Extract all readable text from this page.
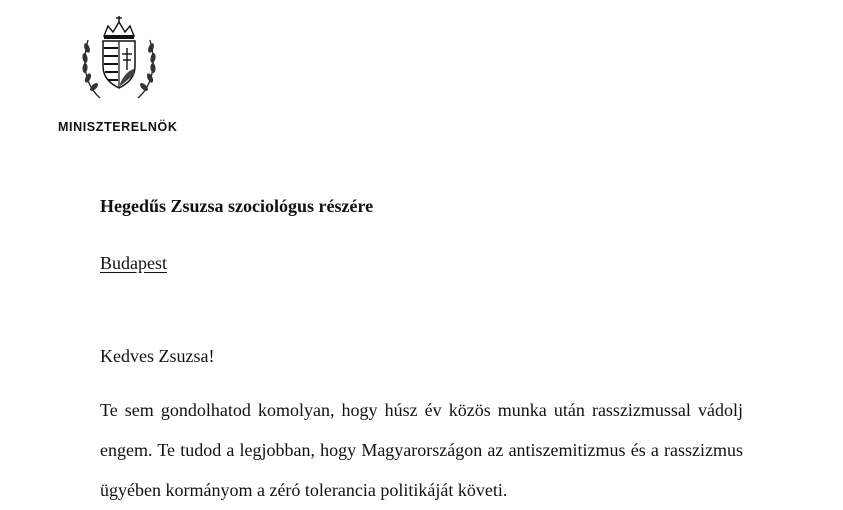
MINISZTERELNÖK
Hegedűs Zsuzsa szociológus részére
Budapest
Kedves Zsuzsa!

Te sem gondolhatod komolyan, hogy húsz év közös munka után rasszizmussal vádolj engem. Te tudod a legjobban, hogy Magyarországon az antiszemitizmus és a rasszizmus ügyében kormányom a zéró tolerancia politikáját követi.
